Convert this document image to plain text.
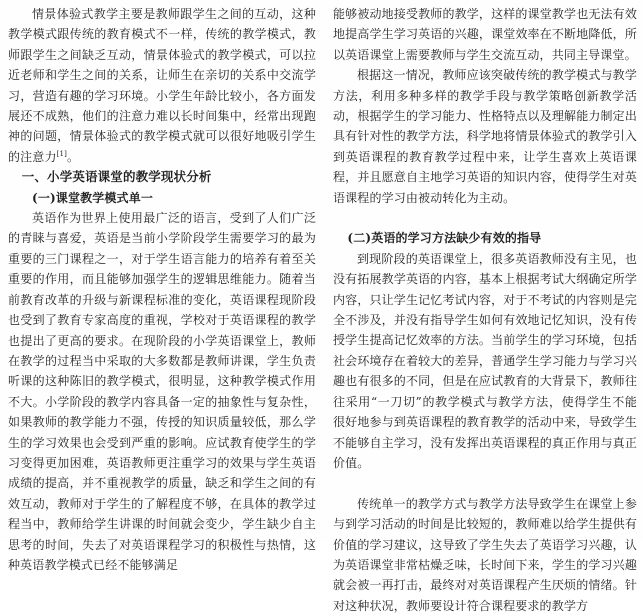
情景体验式教学主要是教师跟学生之间的互动，这种教学模式跟传统的教育模式不一样，传统的教学模式，教师跟学生之间缺乏互动，情景体验式的教学模式，可以拉近老师和学生之间的关系，让师生在亲切的关系中交流学习，营造有趣的学习环境。小学生年龄比较小，各方面发展还不成熟，他们的注意力难以长时间集中，经常出现跑神的问题，情景体验式的教学模式就可以很好地吸引学生的注意力[1]。

一、小学英语课堂的教学现状分析
(一)课堂教学模式单一

英语作为世界上使用最广泛的语言，受到了人们广泛的青睐与喜爱，英语是当前小学阶段学生需要学习的最为重要的三门课程之一，对于学生语言能力的培养有着至关重要的作用，而且能够加强学生的逻辑思维能力。随着当前教育改革的升级与新课程标准的变化，英语课程现阶段也受到了教育专家高度的重视，学校对于英语课程的教学也提出了更高的要求。在现阶段的小学英语课堂上，教师在教学的过程当中采取的大多数都是教师讲课，学生负责听课的这种陈旧的教学模式，很明显，这种教学模式作用不大。小学阶段的教学内容具备一定的抽象性与复杂性，如果教师的教学能力不强，传授的知识质量较低，那么学生的学习效果也会受到严重的影响。应试教育使学生的学习变得更加困难，英语教师更注重学习的效果与学生英语成绩的提高，并不重视教学的质量，缺乏和学生之间的有效互动，教师对于学生的了解程度不够，在具体的教学过程当中，教师给学生讲课的时间就会变少，学生缺少自主思考的时间，失去了对英语课程学习的积极性与热情，这种英语教学模式已经不能够满足

能够被动地接受教师的教学，这样的课堂教学也无法有效地提高学生学习英语的兴趣，课堂效率在不断地降低，所以英语课堂上需要教师与学生交流互动，共同主导课堂。

根据这一情况，教师应该突破传统的教学模式与教学方法，利用多种多样的教学手段与教学策略创新教学活动，根据学生的学习能力、性格特点以及理解能力制定出具有针对性的教学方法，科学地将情景体验式的教学引入到英语课程的教育教学过程中来，让学生喜欢上英语课程，并且愿意自主地学习英语的知识内容，使得学生对英语课程的学习由被动转化为主动。

(二)英语的学习方法缺少有效的指导

到现阶段的英语课堂上，很多英语教师没有主见，也没有拓展教学英语的内容，基本上根据考试大纲确定所学内容，只让学生记忆考试内容，对于不考试的内容则是完全不涉及，并没有指导学生如何有效地记忆知识，没有传授学生提高记忆效率的方法。当前学生的学习环境，包括社会环境存在着较大的差异，普通学生学习能力与学习兴趣也有很多的不同，但是在应试教育的大背景下，教师往往采用“一刀切”的教学模式与教学方法，使得学生不能很好地参与到英语课程的教育教学的活动中来，导致学生不能够自主学习，没有发挥出英语课程的真正作用与真正价值。

传统单一的教学方式与教学方法导致学生在课堂上参与到学习活动的时间是比较短的，教师难以给学生提供有价值的学习建议，这导致了学生失去了英语学习兴趣，认为英语课堂非常枯燥乏味，长时间下来，学生的学习兴趣就会被一再打击，最终对对英语课程产生厌烦的情绪。针对这种状况，教师要设计符合课程要求的教学方
